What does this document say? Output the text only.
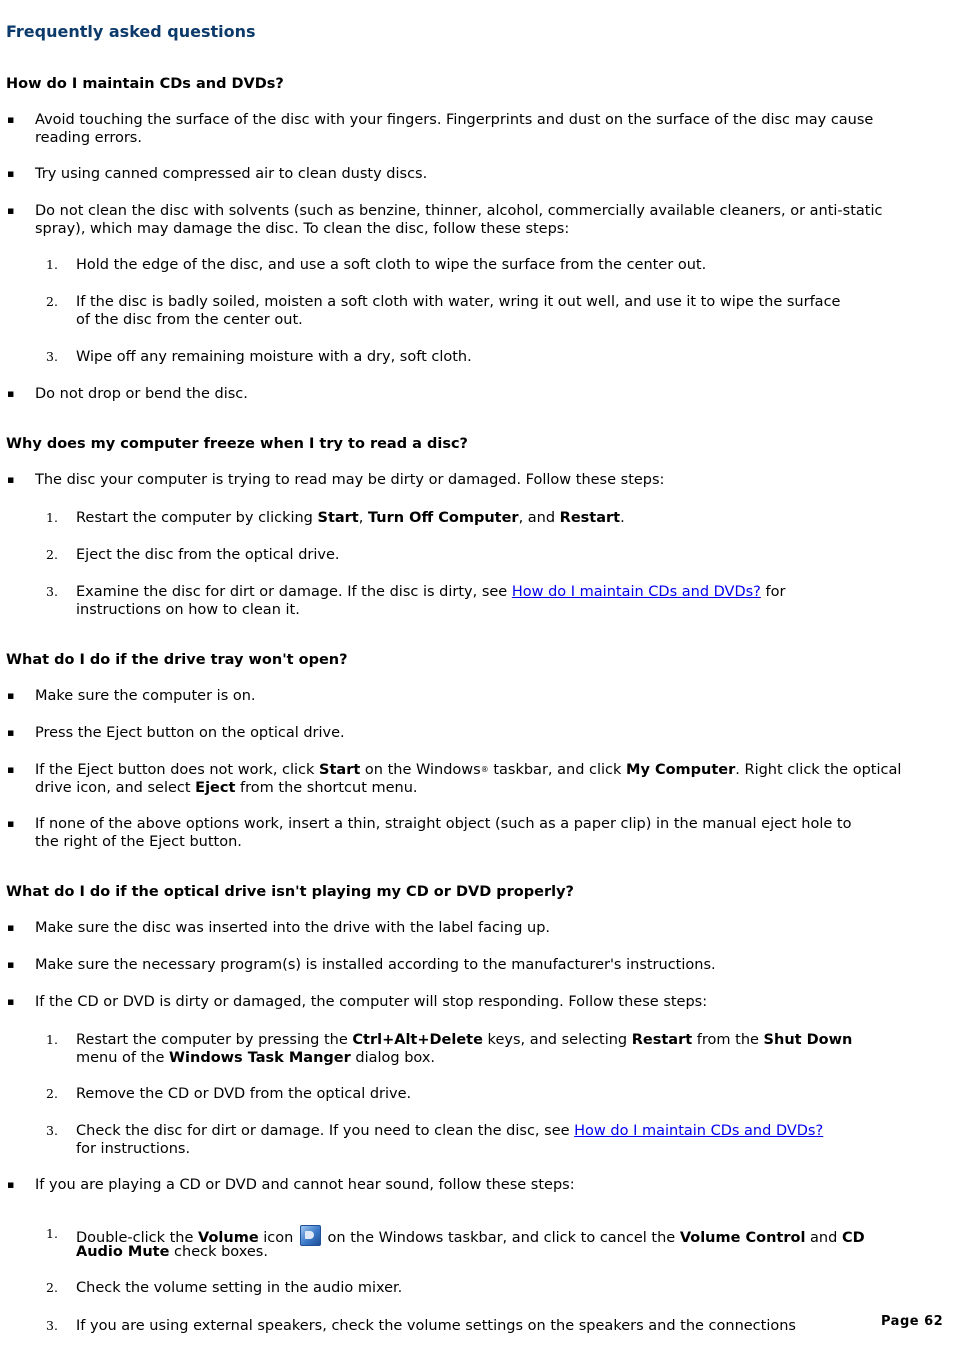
Frequently asked questions
How do I maintain CDs and DVDs?
▪ Avoid touching the surface of the disc with your fingers. Fingerprints and dust on the surface of the disc may cause
reading errors.
▪ Try using canned compressed air to clean dusty discs.
▪ Do not clean the disc with solvents (such as benzine, thinner, alcohol, commercially available cleaners, or anti-static
spray), which may damage the disc. To clean the disc, follow these steps:
1. Hold the edge of the disc, and use a soft cloth to wipe the surface from the center out.
2. If the disc is badly soiled, moisten a soft cloth with water, wring it out well, and use it to wipe the surface
of the disc from the center out.
3. Wipe off any remaining moisture with a dry, soft cloth.
▪ Do not drop or bend the disc.
Why does my computer freeze when I try to read a disc?
▪ The disc your computer is trying to read may be dirty or damaged. Follow these steps:
1. Restart the computer by clicking Start, Turn Off Computer, and Restart.
2. Eject the disc from the optical drive.
3. Examine the disc for dirt or damage. If the disc is dirty, see How do I maintain CDs and DVDs? for
instructions on how to clean it.
What do I do if the drive tray won't open?
▪ Make sure the computer is on.
▪ Press the Eject button on the optical drive.
▪ If the Eject button does not work, click Start on the Windows® taskbar, and click My Computer. Right click the optical
drive icon, and select Eject from the shortcut menu.
▪ If none of the above options work, insert a thin, straight object (such as a paper clip) in the manual eject hole to
the right of the Eject button.
What do I do if the optical drive isn't playing my CD or DVD properly?
▪ Make sure the disc was inserted into the drive with the label facing up.
▪ Make sure the necessary program(s) is installed according to the manufacturer's instructions.
▪ If the CD or DVD is dirty or damaged, the computer will stop responding. Follow these steps:
1. Restart the computer by pressing the Ctrl+Alt+Delete keys, and selecting Restart from the Shut Down
menu of the Windows Task Manger dialog box.
2. Remove the CD or DVD from the optical drive.
3. Check the disc for dirt or damage. If you need to clean the disc, see How do I maintain CDs and DVDs?
for instructions.
▪ If you are playing a CD or DVD and cannot hear sound, follow these steps:
1. Double-click the Volume icon  on the Windows taskbar, and click to cancel the Volume Control and CD
Audio Mute check boxes.
2. Check the volume setting in the audio mixer.
3. If you are using external speakers, check the volume settings on the speakers and the connections	Page 62
